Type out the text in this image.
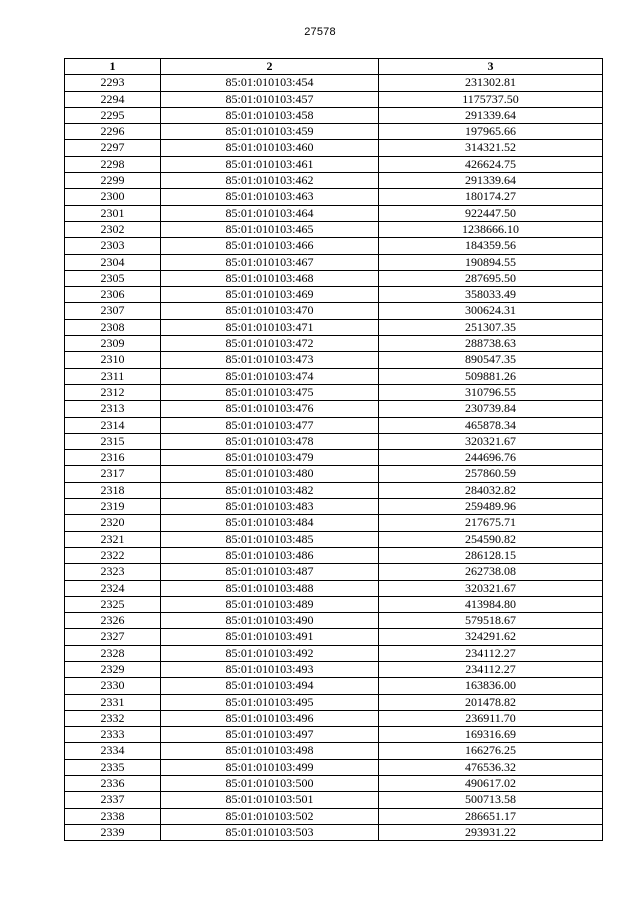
27578
1	2	3
2293	85:01:010103:454	231302.81
2294	85:01:010103:457	1175737.50
2295	85:01:010103:458	291339.64
2296	85:01:010103:459	197965.66
2297	85:01:010103:460	314321.52
2298	85:01:010103:461	426624.75
2299	85:01:010103:462	291339.64
2300	85:01:010103:463	180174.27
2301	85:01:010103:464	922447.50
2302	85:01:010103:465	1238666.10
2303	85:01:010103:466	184359.56
2304	85:01:010103:467	190894.55
2305	85:01:010103:468	287695.50
2306	85:01:010103:469	358033.49
2307	85:01:010103:470	300624.31
2308	85:01:010103:471	251307.35
2309	85:01:010103:472	288738.63
2310	85:01:010103:473	890547.35
2311	85:01:010103:474	509881.26
2312	85:01:010103:475	310796.55
2313	85:01:010103:476	230739.84
2314	85:01:010103:477	465878.34
2315	85:01:010103:478	320321.67
2316	85:01:010103:479	244696.76
2317	85:01:010103:480	257860.59
2318	85:01:010103:482	284032.82
2319	85:01:010103:483	259489.96
2320	85:01:010103:484	217675.71
2321	85:01:010103:485	254590.82
2322	85:01:010103:486	286128.15
2323	85:01:010103:487	262738.08
2324	85:01:010103:488	320321.67
2325	85:01:010103:489	413984.80
2326	85:01:010103:490	579518.67
2327	85:01:010103:491	324291.62
2328	85:01:010103:492	234112.27
2329	85:01:010103:493	234112.27
2330	85:01:010103:494	163836.00
2331	85:01:010103:495	201478.82
2332	85:01:010103:496	236911.70
2333	85:01:010103:497	169316.69
2334	85:01:010103:498	166276.25
2335	85:01:010103:499	476536.32
2336	85:01:010103:500	490617.02
2337	85:01:010103:501	500713.58
2338	85:01:010103:502	286651.17
2339	85:01:010103:503	293931.22
